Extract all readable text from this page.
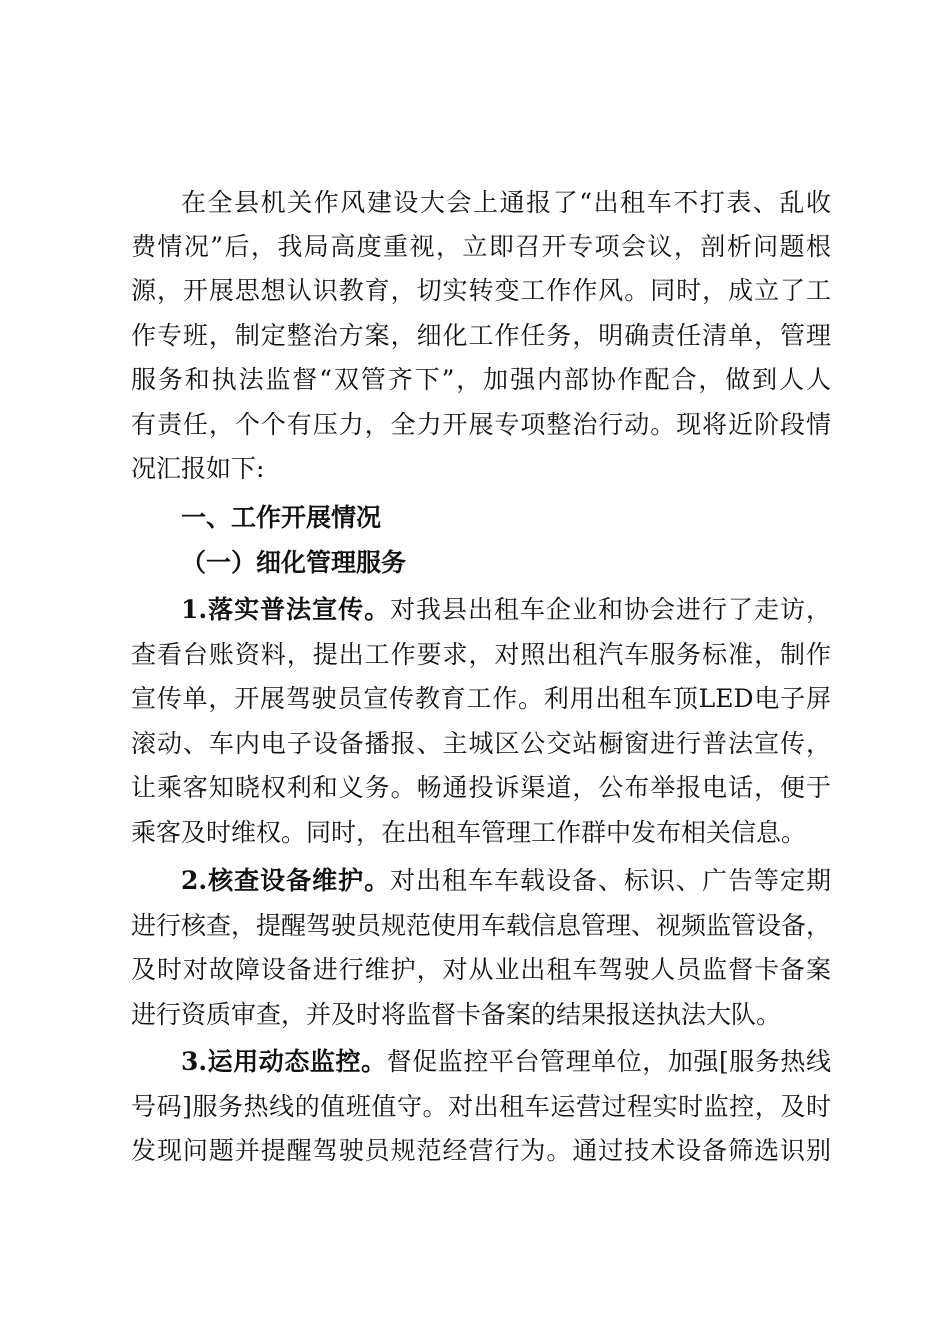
在全县机关作风建设大会上通报了“出租车不打表、乱收
费情况”后，我局高度重视，立即召开专项会议，剖析问题根
源，开展思想认识教育，切实转变工作作风。同时，成立了工
作专班，制定整治方案，细化工作任务，明确责任清单，管理
服务和执法监督“双管齐下”，加强内部协作配合，做到人人
有责任，个个有压力，全力开展专项整治行动。现将近阶段情
况汇报如下:
一、工作开展情况
（一）细化管理服务
1.落实普法宣传。对我县出租车企业和协会进行了走访，
查看台账资料，提出工作要求，对照出租汽车服务标准，制作
宣传单，开展驾驶员宣传教育工作。利用出租车顶LED电子屏
滚动、车内电子设备播报、主城区公交站橱窗进行普法宣传，
让乘客知晓权利和义务。畅通投诉渠道，公布举报电话，便于
乘客及时维权。同时，在出租车管理工作群中发布相关信息。
2.核查设备维护。对出租车车载设备、标识、广告等定期
进行核查，提醒驾驶员规范使用车载信息管理、视频监管设备，
及时对故障设备进行维护，对从业出租车驾驶人员监督卡备案
进行资质审查，并及时将监督卡备案的结果报送执法大队。
3.运用动态监控。督促监控平台管理单位，加强[服务热线
号码]服务热线的值班值守。对出租车运营过程实时监控，及时
发现问题并提醒驾驶员规范经营行为。通过技术设备筛选识别
